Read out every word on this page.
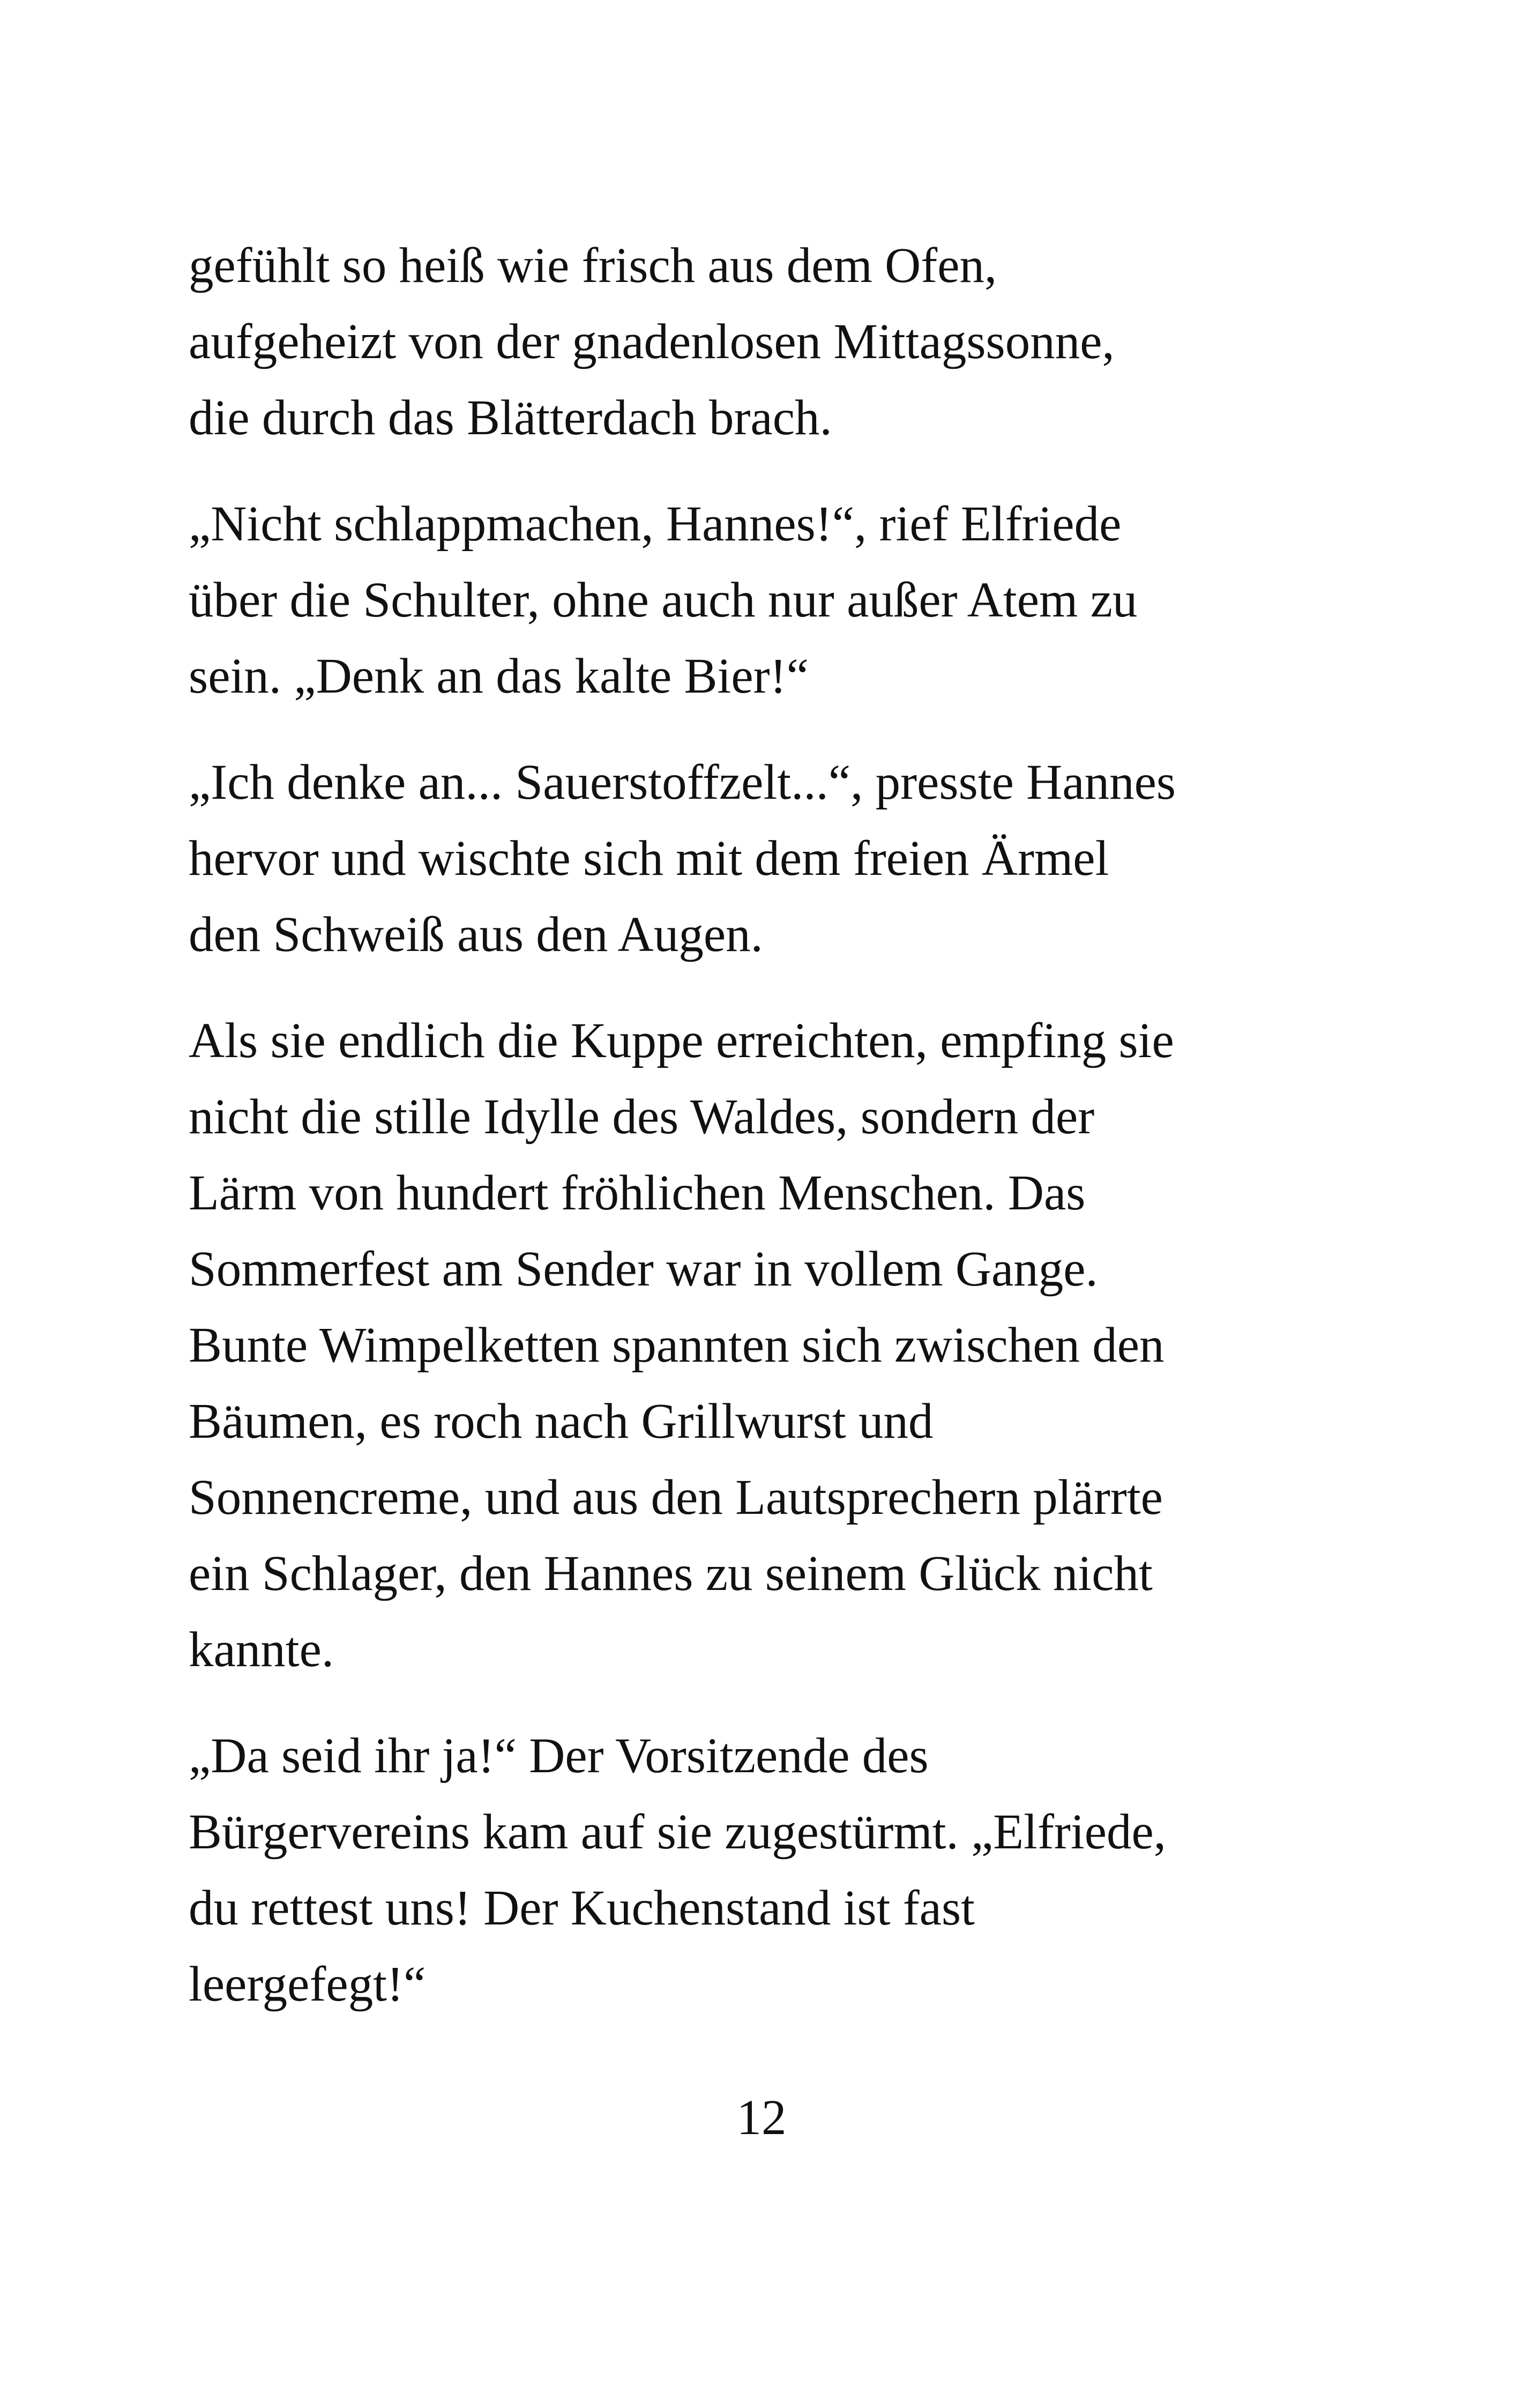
gefühlt so heiß wie frisch aus dem Ofen,
aufgeheizt von der gnadenlosen Mittagssonne,
die durch das Blätterdach brach.

„Nicht schlappmachen, Hannes!“, rief Elfriede
über die Schulter, ohne auch nur außer Atem zu
sein. „Denk an das kalte Bier!“

„Ich denke an... Sauerstoffzelt...“, presste Hannes
hervor und wischte sich mit dem freien Ärmel
den Schweiß aus den Augen.

Als sie endlich die Kuppe erreichten, empfing sie
nicht die stille Idylle des Waldes, sondern der
Lärm von hundert fröhlichen Menschen. Das
Sommerfest am Sender war in vollem Gange.
Bunte Wimpelketten spannten sich zwischen den
Bäumen, es roch nach Grillwurst und
Sonnencreme, und aus den Lautsprechern plärrte
ein Schlager, den Hannes zu seinem Glück nicht
kannte.

„Da seid ihr ja!“ Der Vorsitzende des
Bürgervereins kam auf sie zugestürmt. „Elfriede,
du rettest uns! Der Kuchenstand ist fast
leergefegt!“

12
